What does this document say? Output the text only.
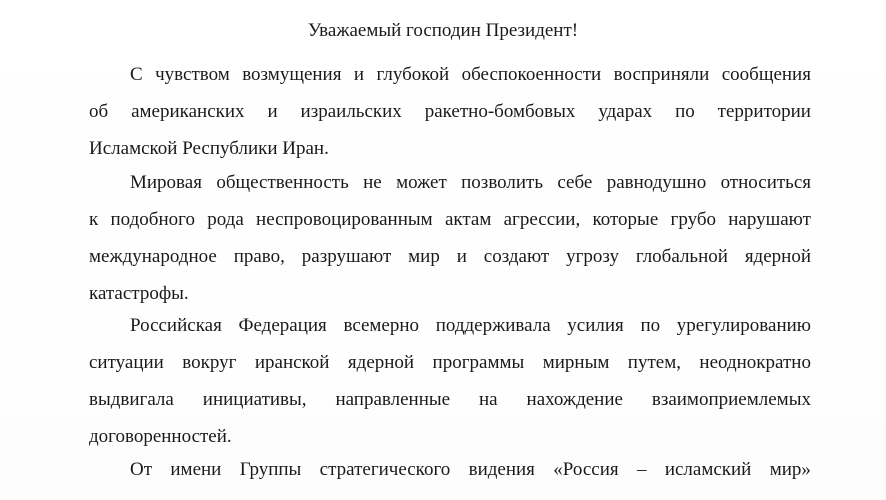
Уважаемый господин Президент!
С чувством возмущения и глубокой обеспокоенности восприняли сообщения
об американских и израильских ракетно-бомбовых ударах по территории
Исламской Республики Иран.
Мировая общественность не может позволить себе равнодушно относиться
к подобного рода неспровоцированным актам агрессии, которые грубо нарушают
международное право, разрушают мир и создают угрозу глобальной ядерной
катастрофы.
Российская Федерация всемерно поддерживала усилия по урегулированию
ситуации вокруг иранской ядерной программы мирным путем, неоднократно
выдвигала инициативы, направленные на нахождение взаимоприемлемых
договоренностей.
От имени Группы стратегического видения «Россия – исламский мир»
